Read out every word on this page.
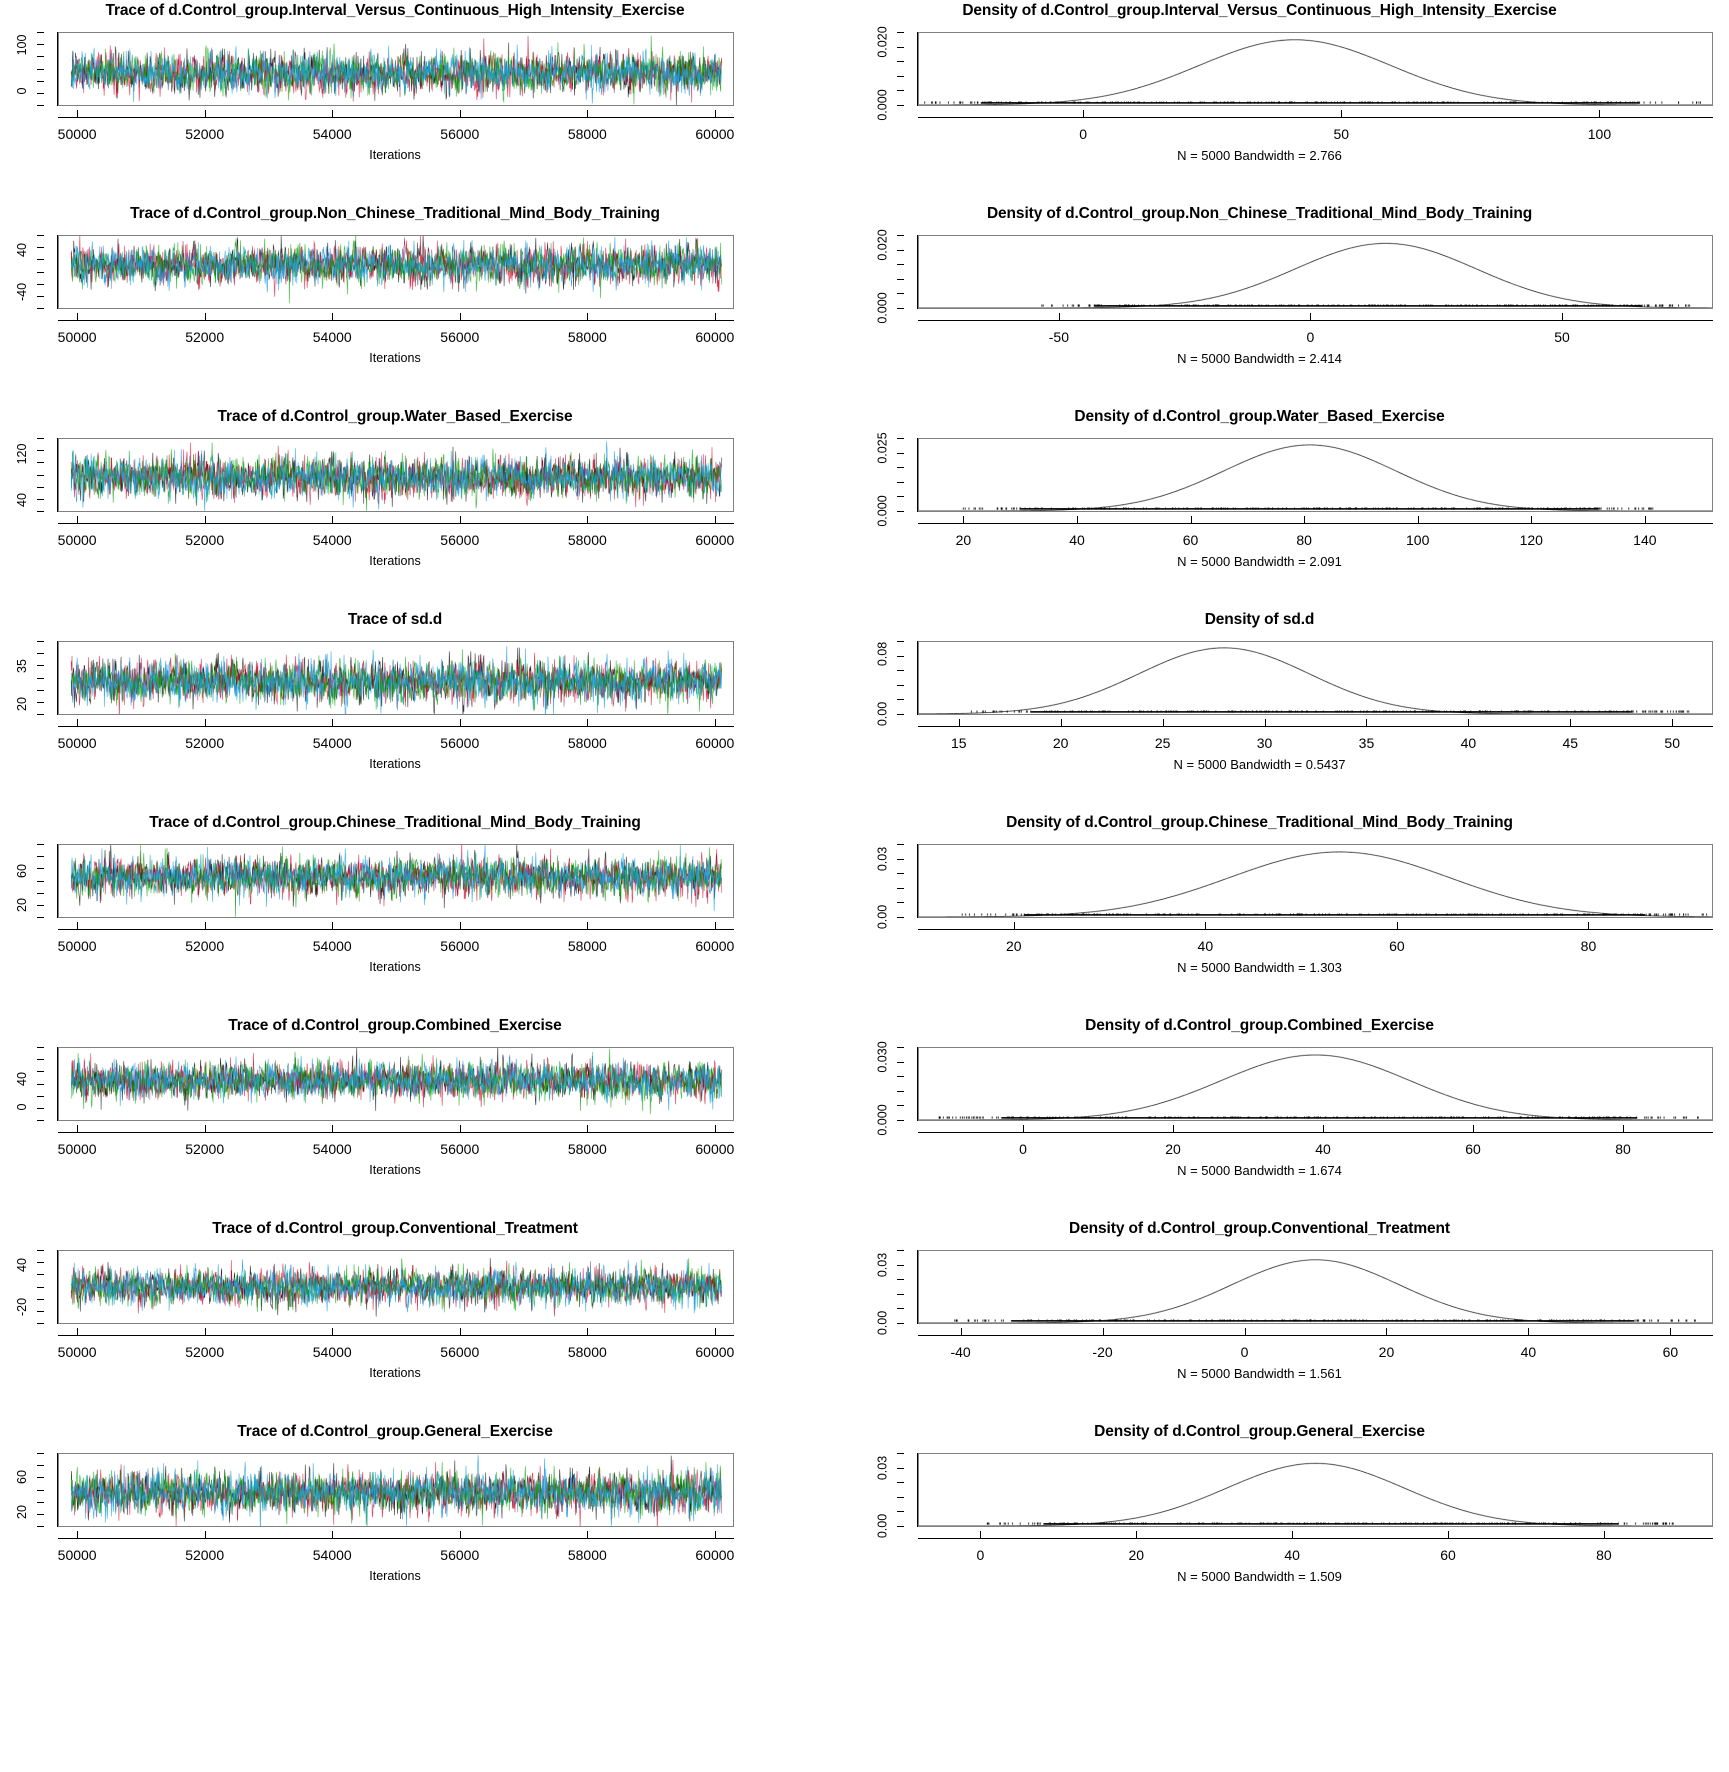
Trace of d.Control_group.Interval_Versus_Continuous_High_Intensity_Exercise
0
100
50000	52000	54000	56000	58000	60000
Iterations
Density of d.Control_group.Interval_Versus_Continuous_High_Intensity_Exercise
0.000
0.020
0	50	100
N = 5000 Bandwidth = 2.766
Trace of d.Control_group.Non_Chinese_Traditional_Mind_Body_Training
-40
40
50000	52000	54000	56000	58000	60000
Iterations
Density of d.Control_group.Non_Chinese_Traditional_Mind_Body_Training
0.000
0.020
-50	0	50
N = 5000 Bandwidth = 2.414
Trace of d.Control_group.Water_Based_Exercise
40
120
50000	52000	54000	56000	58000	60000
Iterations
Density of d.Control_group.Water_Based_Exercise
0.000
0.025
20	40	60	80	100	120	140
N = 5000 Bandwidth = 2.091
Trace of sd.d
20
35
50000	52000	54000	56000	58000	60000
Iterations
Density of sd.d
0.00
0.08
15	20	25	30	35	40	45	50
N = 5000 Bandwidth = 0.5437
Trace of d.Control_group.Chinese_Traditional_Mind_Body_Training
20
60
50000	52000	54000	56000	58000	60000
Iterations
Density of d.Control_group.Chinese_Traditional_Mind_Body_Training
0.00
0.03
20	40	60	80
N = 5000 Bandwidth = 1.303
Trace of d.Control_group.Combined_Exercise
0
40
50000	52000	54000	56000	58000	60000
Iterations
Density of d.Control_group.Combined_Exercise
0.000
0.030
0	20	40	60	80
N = 5000 Bandwidth = 1.674
Trace of d.Control_group.Conventional_Treatment
-20
40
50000	52000	54000	56000	58000	60000
Iterations
Density of d.Control_group.Conventional_Treatment
0.00
0.03
-40	-20	0	20	40	60
N = 5000 Bandwidth = 1.561
Trace of d.Control_group.General_Exercise
20
60
50000	52000	54000	56000	58000	60000
Iterations
Density of d.Control_group.General_Exercise
0.00
0.03
0	20	40	60	80
N = 5000 Bandwidth = 1.509
